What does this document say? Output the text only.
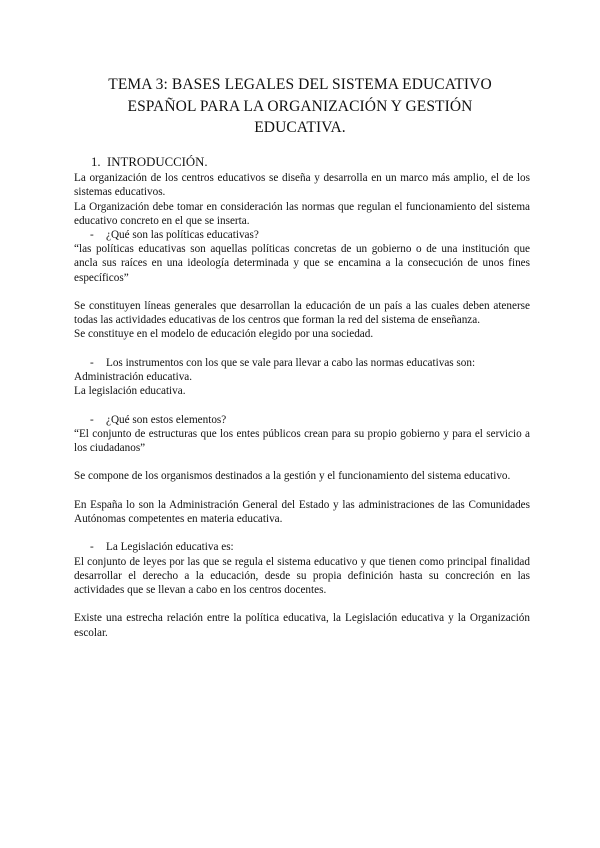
TEMA 3: BASES LEGALES DEL SISTEMA EDUCATIVO
ESPAÑOL PARA LA ORGANIZACIÓN Y GESTIÓN
EDUCATIVA.
1. INTRODUCCIÓN.

La organización de los centros educativos se diseña y desarrolla en un marco más amplio, el de los sistemas educativos.

La Organización debe tomar en consideración las normas que regulan el funcionamiento del sistema educativo concreto en el que se inserta.

- ¿Qué son las políticas educativas?

“las políticas educativas son aquellas políticas concretas de un gobierno o de una institución que ancla sus raíces en una ideología determinada y que se encamina a la consecución de unos fines específicos”

Se constituyen líneas generales que desarrollan la educación de un país a las cuales deben atenerse todas las actividades educativas de los centros que forman la red del sistema de enseñanza.

Se constituye en el modelo de educación elegido por una sociedad.

- Los instrumentos con los que se vale para llevar a cabo las normas educativas son:

Administración educativa.

La legislación educativa.

- ¿Qué son estos elementos?

“El conjunto de estructuras que los entes públicos crean para su propio gobierno y para el servicio a los ciudadanos”

Se compone de los organismos destinados a la gestión y el funcionamiento del sistema educativo.

En España lo son la Administración General del Estado y las administraciones de las Comunidades Autónomas competentes en materia educativa.

- La Legislación educativa es:

El conjunto de leyes por las que se regula el sistema educativo y que tienen como principal finalidad desarrollar el derecho a la educación, desde su propia definición hasta su concreción en las actividades que se llevan a cabo en los centros docentes.

Existe una estrecha relación entre la política educativa, la Legislación educativa y la Organización escolar.
